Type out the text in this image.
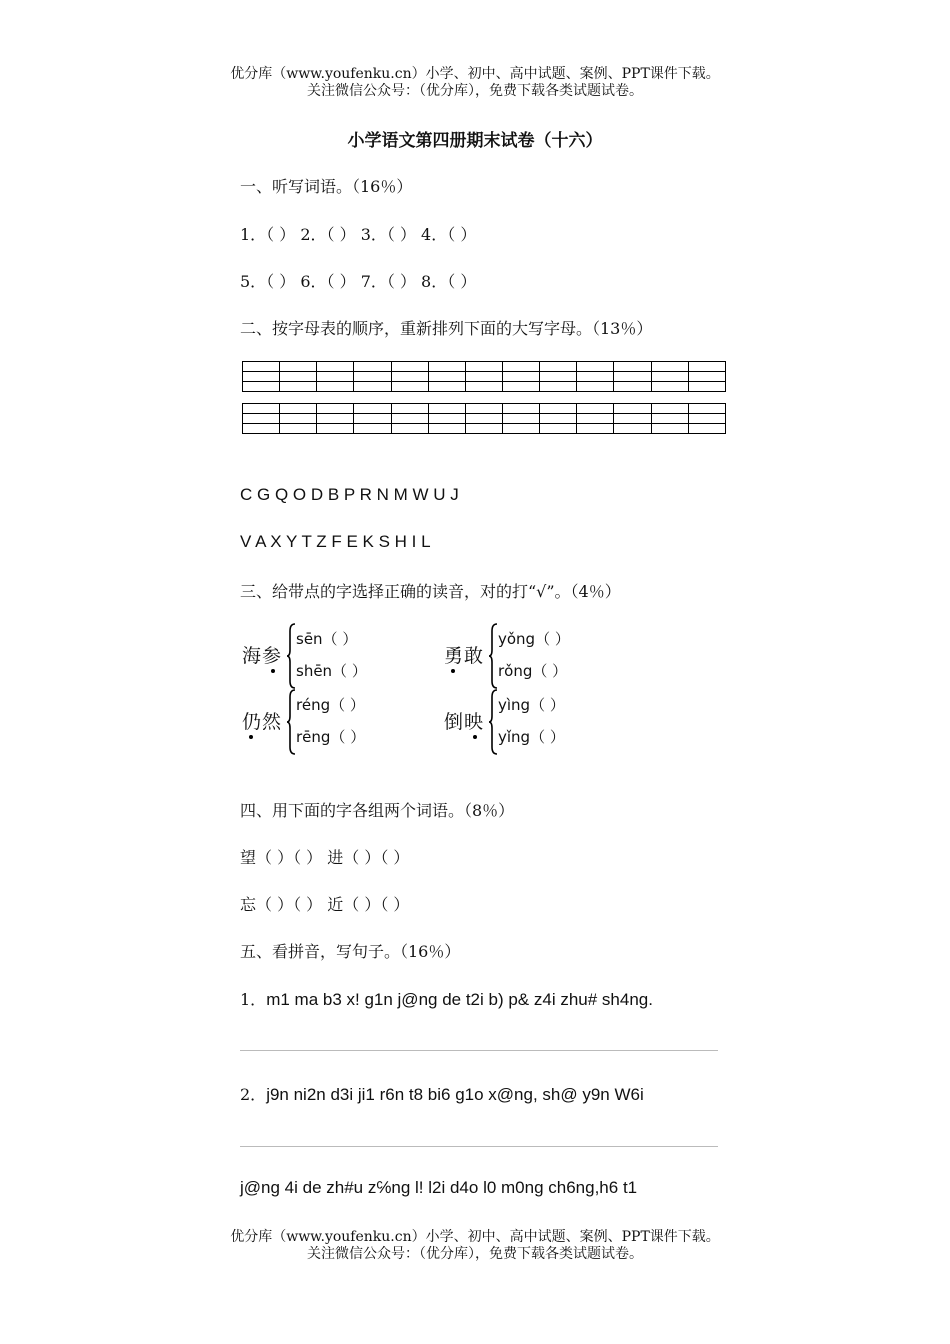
优分库（www.youfenku.cn）小学、初中、高中试题、案例、PPT课件下载。
关注微信公众号：（优分库），免费下载各类试题试卷。
小学语文第四册期末试卷（十六）
一、听写词语。（16％）
1．（ ） 2．（ ） 3．（ ） 4．（ ）
5．（ ） 6．（ ） 7．（ ） 8．（ ）
二、按字母表的顺序，重新排列下面的大写字母。（13％）

C G Q O D B P R N M W U J
V A X Y T Z F E K S H I L
三、给带点的字选择正确的读音，对的打“√”。（4％）
海参
sēn（ ）
shēn（ ）
勇敢
yǒng（ ）
rǒng（ ）
仍然
réng（ ）
rēng（ ）
倒映
yìng（ ）
yǐng（ ）
四、用下面的字各组两个词语。（8％）
望（ ）（ ） 进（ ）（ ）
忘（ ）（ ） 近（ ）（ ）
五、看拼音，写句子。（16％）
1．m1 ma b3 x! g1n j@ng de t2i b) p& z4i zhu# sh4ng.
2．j9n ni2n d3i ji1 r6n t8 bi6 g1o x@ng, sh@ y9n W6i
j@ng 4i de zh#u z℅ng l! l2i d4o l0 m0ng ch6ng,h6 t1
优分库（www.youfenku.cn）小学、初中、高中试题、案例、PPT课件下载。
关注微信公众号：（优分库），免费下载各类试题试卷。
